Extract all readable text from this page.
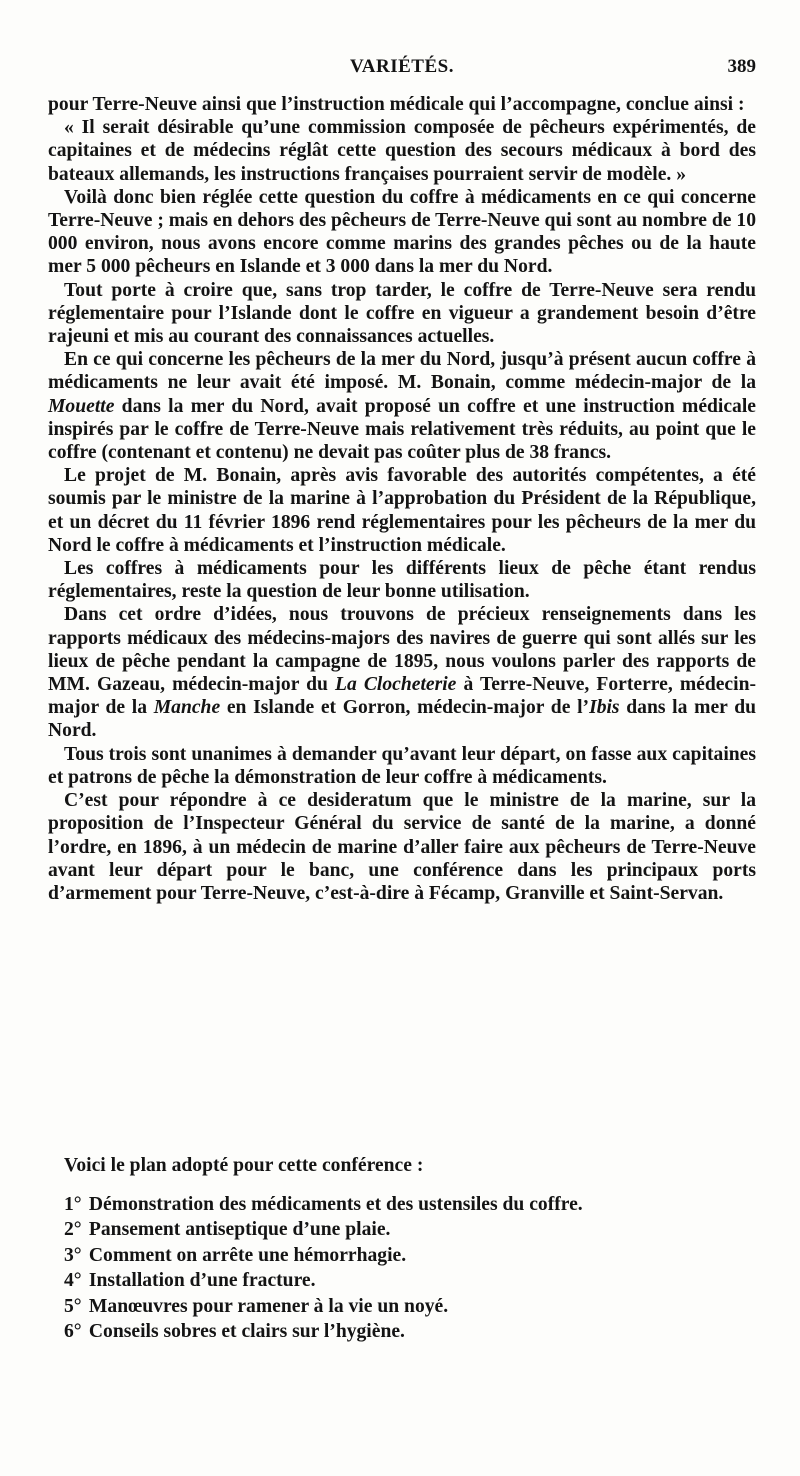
VARIÉTÉS.	389

pour Terre-Neuve ainsi que l’instruction médicale qui l’accompagne, conclue ainsi :

« Il serait désirable qu’une commission composée de pêcheurs expérimentés, de capitaines et de médecins réglât cette question des secours médicaux à bord des bateaux allemands, les instructions françaises pourraient servir de modèle. »

Voilà donc bien réglée cette question du coffre à médicaments en ce qui concerne Terre-Neuve ; mais en dehors des pêcheurs de Terre-Neuve qui sont au nombre de 10 000 environ, nous avons encore comme marins des grandes pêches ou de la haute mer 5 000 pêcheurs en Islande et 3 000 dans la mer du Nord.

Tout porte à croire que, sans trop tarder, le coffre de Terre-Neuve sera rendu réglementaire pour l’Islande dont le coffre en vigueur a grandement besoin d’être rajeuni et mis au courant des connaissances actuelles.

En ce qui concerne les pêcheurs de la mer du Nord, jusqu’à présent aucun coffre à médicaments ne leur avait été imposé. M. Bonain, comme médecin-major de la Mouette dans la mer du Nord, avait proposé un coffre et une instruction médicale inspirés par le coffre de Terre-Neuve mais relativement très réduits, au point que le coffre (contenant et contenu) ne devait pas coûter plus de 38 francs.

Le projet de M. Bonain, après avis favorable des autorités compétentes, a été soumis par le ministre de la marine à l’approbation du Président de la République, et un décret du 11 février 1896 rend réglementaires pour les pêcheurs de la mer du Nord le coffre à médicaments et l’instruction médicale.

Les coffres à médicaments pour les différents lieux de pêche étant rendus réglementaires, reste la question de leur bonne utilisation.

Dans cet ordre d’idées, nous trouvons de précieux renseignements dans les rapports médicaux des médecins-majors des navires de guerre qui sont allés sur les lieux de pêche pendant la campagne de 1895, nous voulons parler des rapports de MM. Gazeau, médecin-major du La Clocheterie à Terre-Neuve, Forterre, médecin-major de la Manche en Islande et Gorron, médecin-major de l’Ibis dans la mer du Nord.

Tous trois sont unanimes à demander qu’avant leur départ, on fasse aux capitaines et patrons de pêche la démonstration de leur coffre à médicaments.

C’est pour répondre à ce desideratum que le ministre de la marine, sur la proposition de l’Inspecteur Général du service de santé de la marine, a donné l’ordre, en 1896, à un médecin de marine d’aller faire aux pêcheurs de Terre-Neuve avant leur départ pour le banc, une conférence dans les principaux ports d’armement pour Terre-Neuve, c’est-à-dire à Fécamp, Granville et Saint-Servan.

Voici le plan adopté pour cette conférence :
1° Démonstration des médicaments et des ustensiles du coffre.
2° Pansement antiseptique d’une plaie.
3° Comment on arrête une hémorrhagie.
4° Installation d’une fracture.
5° Manœuvres pour ramener à la vie un noyé.
6° Conseils sobres et clairs sur l’hygiène.
